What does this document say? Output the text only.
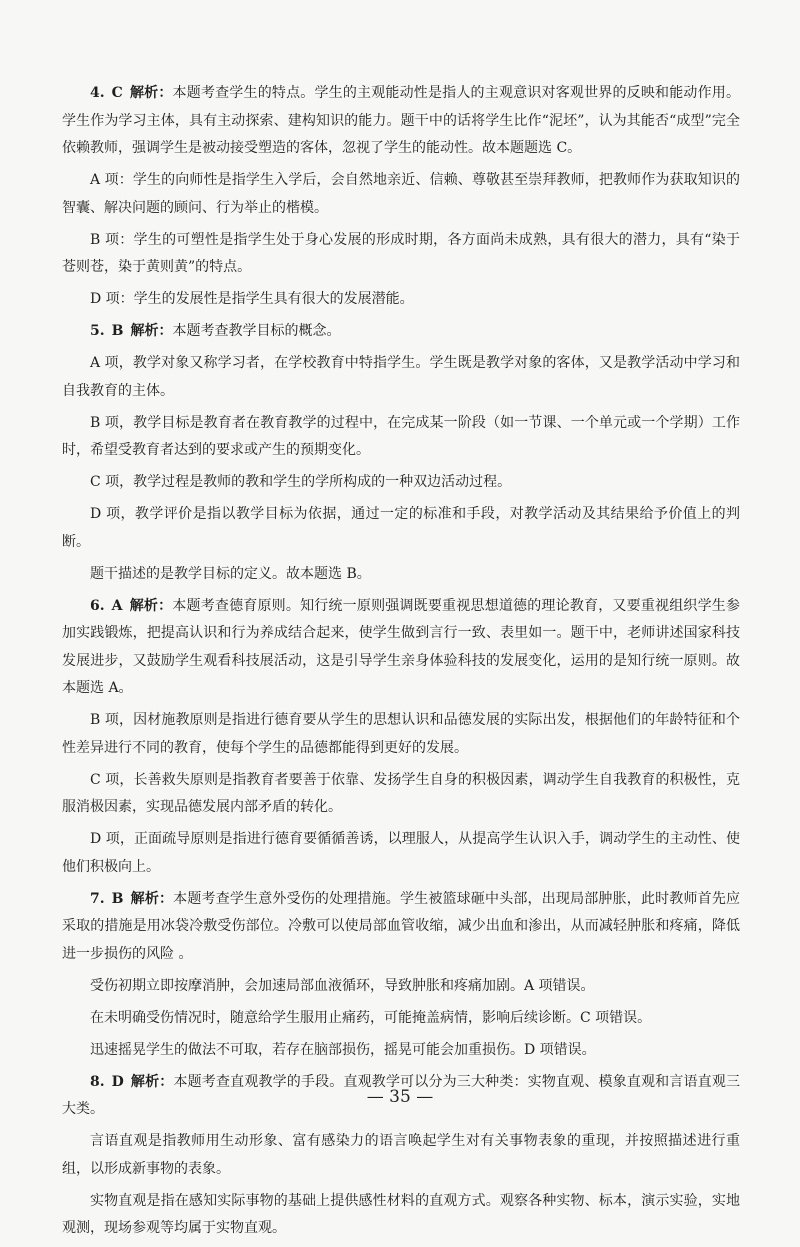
4.  C  解析：本题考查学生的特点。学生的主观能动性是指人的主观意识对客观世界的反映和能动作用。学生作为学习主体，具有主动探索、建构知识的能力。题干中的话将学生比作“泥坯”，认为其能否“成型”完全依赖教师，强调学生是被动接受塑造的客体，忽视了学生的能动性。故本题题选 C。

A 项：学生的向师性是指学生入学后，会自然地亲近、信赖、尊敬甚至崇拜教师，把教师作为获取知识的智囊、解决问题的顾问、行为举止的楷模。

B 项：学生的可塑性是指学生处于身心发展的形成时期，各方面尚未成熟，具有很大的潜力，具有“染于苍则苍，染于黄则黄”的特点。

D 项：学生的发展性是指学生具有很大的发展潜能。

5.  B  解析：本题考查教学目标的概念。

A 项，教学对象又称学习者，在学校教育中特指学生。学生既是教学对象的客体，又是教学活动中学习和自我教育的主体。

B 项，教学目标是教育者在教育教学的过程中，在完成某一阶段（如一节课、一个单元或一个学期）工作时，希望受教育者达到的要求或产生的预期变化。

C 项，教学过程是教师的教和学生的学所构成的一种双边活动过程。

D 项，教学评价是指以教学目标为依据，通过一定的标准和手段，对教学活动及其结果给予价值上的判断。

题干描述的是教学目标的定义。故本题选 B。

6.  A  解析：本题考查德育原则。知行统一原则强调既要重视思想道德的理论教育，又要重视组织学生参加实践锻炼，把提高认识和行为养成结合起来，使学生做到言行一致、表里如一。题干中，老师讲述国家科技发展进步，又鼓励学生观看科技展活动，这是引导学生亲身体验科技的发展变化，运用的是知行统一原则。故本题选 A。

B 项，因材施教原则是指进行德育要从学生的思想认识和品德发展的实际出发，根据他们的年龄特征和个性差异进行不同的教育，使每个学生的品德都能得到更好的发展。

C 项，长善救失原则是指教育者要善于依靠、发扬学生自身的积极因素，调动学生自我教育的积极性，克服消极因素，实现品德发展内部矛盾的转化。

D 项，正面疏导原则是指进行德育要循循善诱，以理服人，从提高学生认识入手，调动学生的主动性、使他们积极向上。

7.  B  解析：本题考查学生意外受伤的处理措施。学生被篮球砸中头部，出现局部肿胀，此时教师首先应采取的措施是用冰袋冷敷受伤部位。冷敷可以使局部血管收缩，减少出血和渗出，从而减轻肿胀和疼痛，降低进一步损伤的风险 。

受伤初期立即按摩消肿，会加速局部血液循环，导致肿胀和疼痛加剧。A 项错误。

在未明确受伤情况时，随意给学生服用止痛药，可能掩盖病情，影响后续诊断。C 项错误。

迅速摇晃学生的做法不可取，若存在脑部损伤，摇晃可能会加重损伤。D 项错误。

8.  D  解析：本题考查直观教学的手段。直观教学可以分为三大种类：实物直观、模象直观和言语直观三大类。

言语直观是指教师用生动形象、富有感染力的语言唤起学生对有关事物表象的重现，并按照描述进行重组，以形成新事物的表象。

实物直观是指在感知实际事物的基础上提供感性材料的直观方式。观察各种实物、标本，演示实验，实地观测，现场参观等均属于实物直观。

— 35 —
